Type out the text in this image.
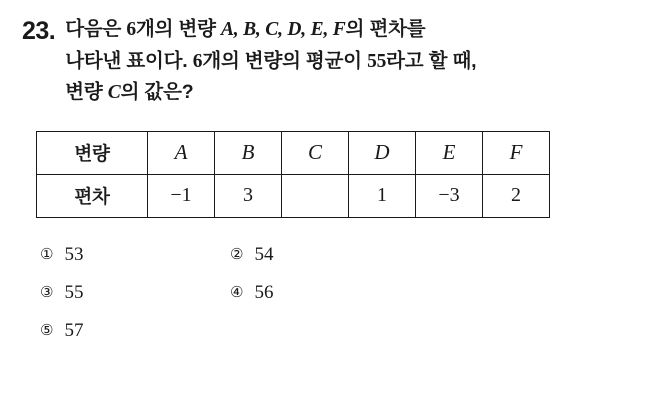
23. 다음은 6개의 변량 A, B, C, D, E, F의 편차를
나타낸 표이다. 6개의 변량의 평균이 55라고 할 때,
변량 C의 값은?
변량	A	B	C	D	E	F
편차	−1	3		1	−3	2
① 53	② 54
③ 55	④ 56
⑤ 57
